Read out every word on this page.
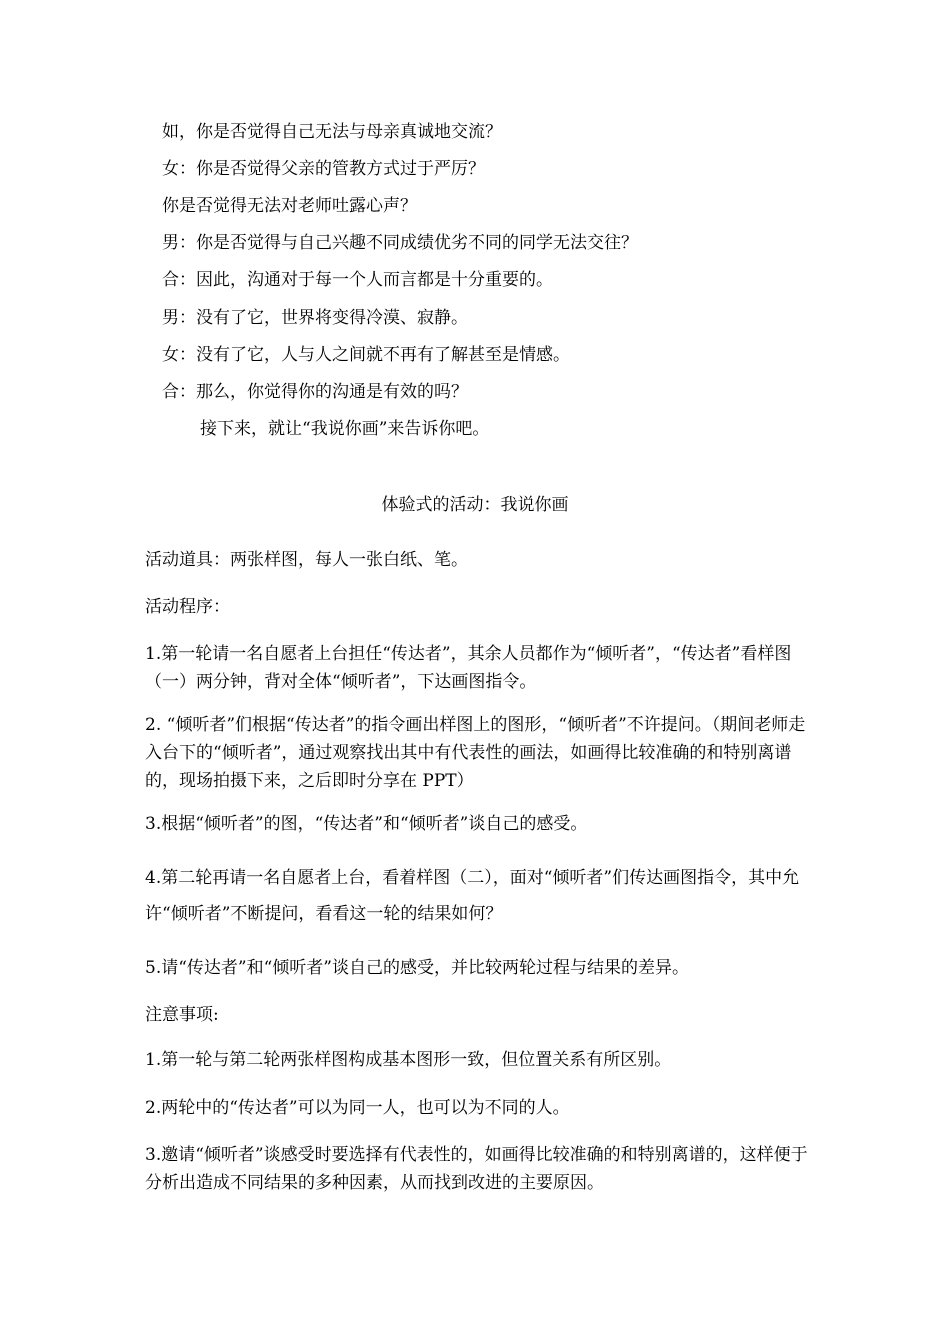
如，你是否觉得自己无法与母亲真诚地交流？
女：你是否觉得父亲的管教方式过于严厉？
你是否觉得无法对老师吐露心声？
男：你是否觉得与自己兴趣不同成绩优劣不同的同学无法交往？
合：因此，沟通对于每一个人而言都是十分重要的。
男：没有了它，世界将变得冷漠、寂静。
女：没有了它，人与人之间就不再有了解甚至是情感。
合：那么，你觉得你的沟通是有效的吗？
接下来，就让“我说你画”来告诉你吧。
体验式的活动：我说你画
活动道具：两张样图，每人一张白纸、笔。
活动程序：
1.第一轮请一名自愿者上台担任“传达者”，其余人员都作为“倾听者”，“传达者”看样图（一）两分钟，背对全体“倾听者”，下达画图指令。
2. “倾听者”们根据“传达者”的指令画出样图上的图形，“倾听者”不许提问。（期间老师走入台下的“倾听者”，通过观察找出其中有代表性的画法，如画得比较准确的和特别离谱的，现场拍摄下来，之后即时分享在 PPT）
3.根据“倾听者”的图，“传达者”和“倾听者”谈自己的感受。
4.第二轮再请一名自愿者上台，看着样图（二），面对“倾听者”们传达画图指令，其中允许“倾听者”不断提问，看看这一轮的结果如何？
5.请“传达者”和“倾听者”谈自己的感受，并比较两轮过程与结果的差异。
注意事项:
1.第一轮与第二轮两张样图构成基本图形一致，但位置关系有所区别。
2.两轮中的“传达者”可以为同一人，也可以为不同的人。
3.邀请“倾听者”谈感受时要选择有代表性的，如画得比较准确的和特别离谱的，这样便于分析出造成不同结果的多种因素，从而找到改进的主要原因。
